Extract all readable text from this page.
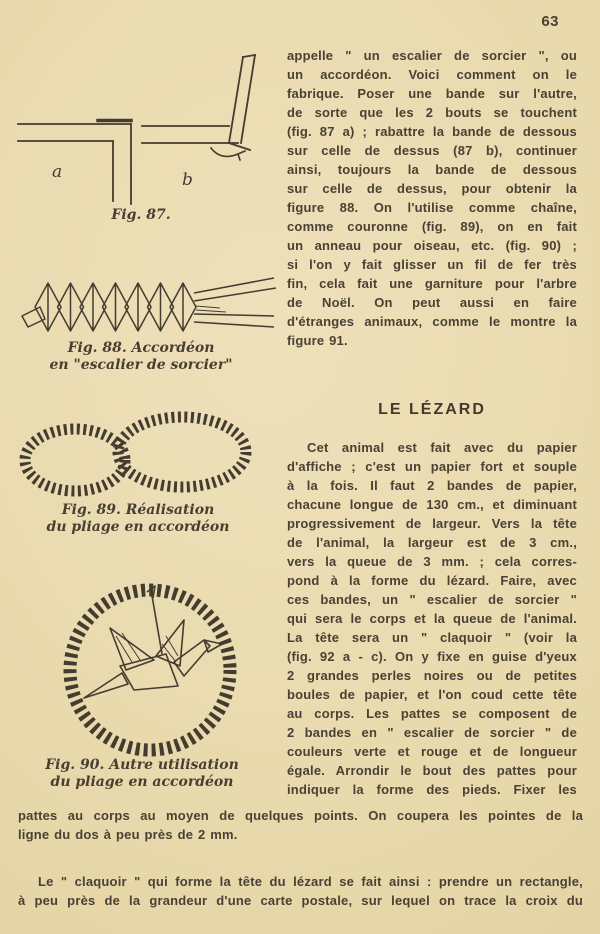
63
a	b
Fig. 87.
Fig. 88. Accordéon
en "escalier de sorcier"
Fig. 89. Réalisation
du pliage en accordéon
Fig. 90. Autre utilisation
du pliage en accordéon
appelle " un escalier de sorcier ", ou
un accordéon. Voici comment on le
fabrique. Poser une bande sur l'autre,
de sorte que les 2 bouts se touchent
(fig. 87 a) ; rabattre la bande de dessous
sur celle de dessus (87 b), continuer
ainsi, toujours la bande de dessous
sur celle de dessus, pour obtenir la
figure 88. On l'utilise comme chaîne,
comme couronne (fig. 89), on en fait
un anneau pour oiseau, etc. (fig. 90) ;
si l'on y fait glisser un fil de fer très
fin, cela fait une garniture pour l'arbre
de Noël. On peut aussi en faire
d'étranges animaux, comme le montre la
figure 91.
LE LÉZARD
Cet animal est fait avec du papier
d'affiche ; c'est un papier fort et souple
à la fois. Il faut 2 bandes de papier,
chacune longue de 130 cm., et diminuant
progressivement de largeur. Vers la tête
de l'animal, la largeur est de 3 cm.,
vers la queue de 3 mm. ; cela corres-
pond à la forme du lézard. Faire, avec
ces bandes, un " escalier de sorcier "
qui sera le corps et la queue de l'animal.
La tête sera un " claquoir " (voir la
(fig. 92 a - c). On y fixe en guise d'yeux
2 grandes perles noires ou de petites
boules de papier, et l'on coud cette tête
au corps. Les pattes se composent de
2 bandes en " escalier de sorcier " de
couleurs verte et rouge et de longueur
égale. Arrondir le bout des pattes pour
indiquer la forme des pieds. Fixer les
pattes au corps au moyen de quelques points. On coupera les pointes de la
ligne du dos à peu près de 2 mm.
Le " claquoir " qui forme la tête du lézard se fait ainsi : prendre un rectangle,
à peu près de la grandeur d'une carte postale, sur lequel on trace la croix du
